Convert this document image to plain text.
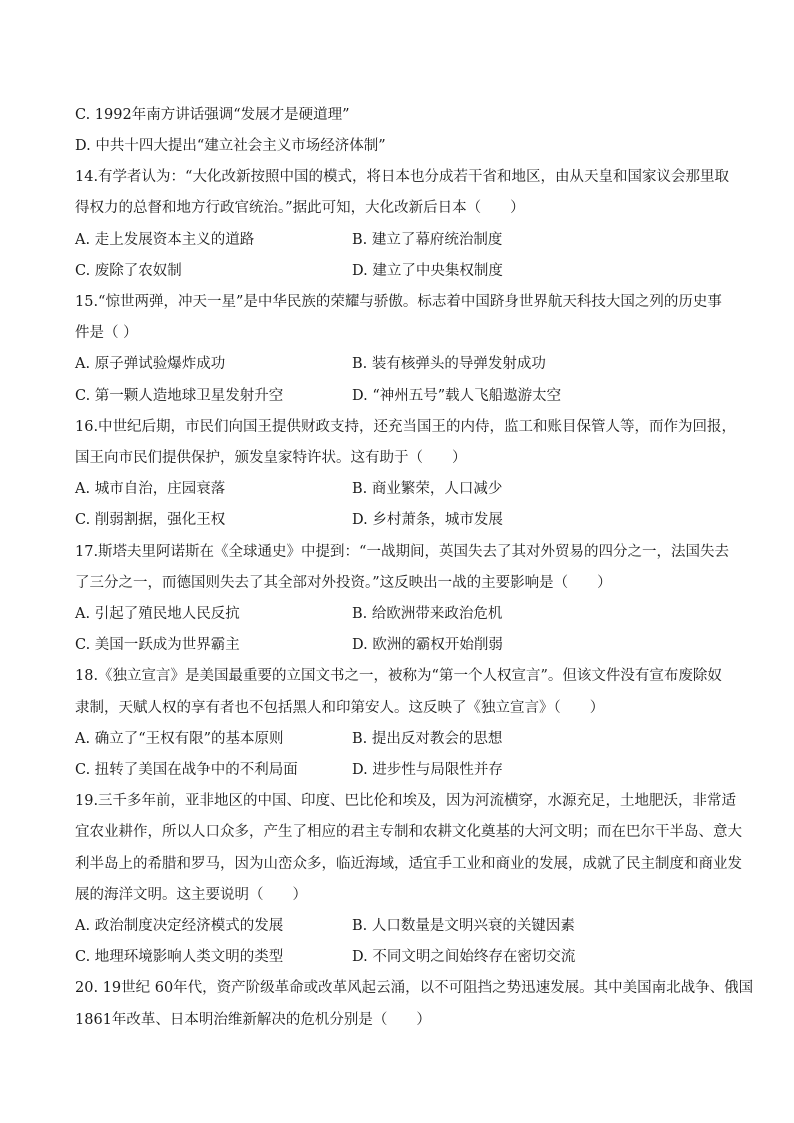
C. 1992年南方讲话强调“发展才是硬道理”
D. 中共十四大提出“建立社会主义市场经济体制”
14.有学者认为：“大化改新按照中国的模式，将日本也分成若干省和地区，由从天皇和国家议会那里取
得权力的总督和地方行政官统治。”据此可知，大化改新后日本（　　）
A. 走上发展资本主义的道路	B. 建立了幕府统治制度
C. 废除了农奴制	D. 建立了中央集权制度
15.“惊世两弹，冲天一星”是中华民族的荣耀与骄傲。标志着中国跻身世界航天科技大国之列的历史事
件是（ ）
A. 原子弹试验爆炸成功	B. 装有核弹头的导弹发射成功
C. 第一颗人造地球卫星发射升空	D. “神州五号”载人飞船遨游太空
16.中世纪后期，市民们向国王提供财政支持，还充当国王的内侍，监工和账目保管人等，而作为回报，
国王向市民们提供保护，颁发皇家特许状。这有助于（　　）
A. 城市自治，庄园衰落	B. 商业繁荣，人口减少
C. 削弱割据，强化王权	D. 乡村萧条，城市发展
17.斯塔夫里阿诺斯在《全球通史》中提到：“一战期间，英国失去了其对外贸易的四分之一，法国失去
了三分之一，而德国则失去了其全部对外投资。”这反映出一战的主要影响是（　　）
A. 引起了殖民地人民反抗	B. 给欧洲带来政治危机
C. 美国一跃成为世界霸主	D. 欧洲的霸权开始削弱
18.《独立宣言》是美国最重要的立国文书之一，被称为“第一个人权宣言”。但该文件没有宣布废除奴
隶制，天赋人权的享有者也不包括黑人和印第安人。这反映了《独立宣言》（　　）
A. 确立了“王权有限”的基本原则	B. 提出反对教会的思想
C. 扭转了美国在战争中的不利局面	D. 进步性与局限性并存
19.三千多年前，亚非地区的中国、印度、巴比伦和埃及，因为河流横穿，水源充足，土地肥沃，非常适
宜农业耕作，所以人口众多，产生了相应的君主专制和农耕文化奠基的大河文明；而在巴尔干半岛、意大
利半岛上的希腊和罗马，因为山峦众多，临近海域，适宜手工业和商业的发展，成就了民主制度和商业发
展的海洋文明。这主要说明（　　）
A. 政治制度决定经济模式的发展	B. 人口数量是文明兴衰的关键因素
C. 地理环境影响人类文明的类型	D. 不同文明之间始终存在密切交流
20. 19世纪 60年代，资产阶级革命或改革风起云涌，以不可阻挡之势迅速发展。其中美国南北战争、俄国
1861年改革、日本明治维新解决的危机分别是（　　）
